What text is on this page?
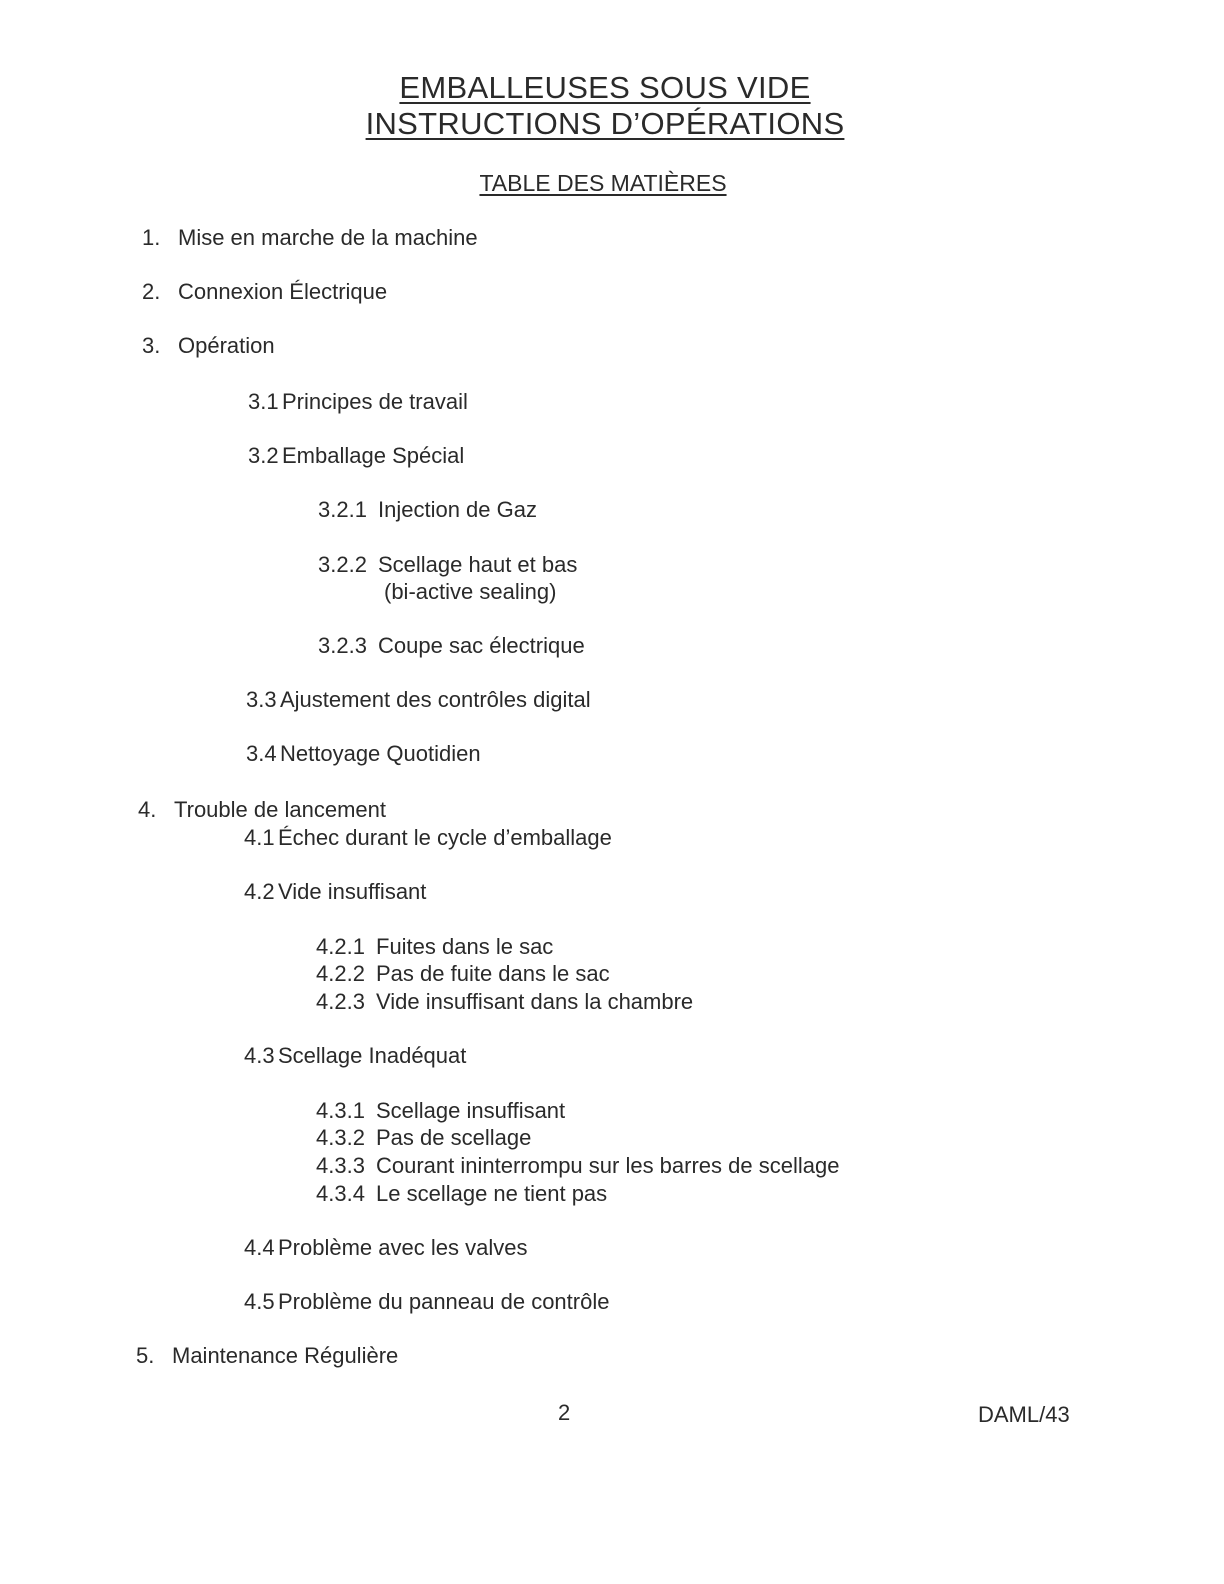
EMBALLEUSES SOUS VIDE
INSTRUCTIONS D’OPÉRATIONS
TABLE DES MATIÈRES
1. Mise en marche de la machine
2. Connexion Électrique
3. Opération
3.1 Principes de travail
3.2 Emballage Spécial
3.2.1 Injection de Gaz
3.2.2 Scellage haut et bas
(bi-active sealing)
3.2.3 Coupe sac électrique
3.3 Ajustement des contrôles digital
3.4 Nettoyage Quotidien
4. Trouble de lancement
4.1 Échec durant le cycle d’emballage
4.2 Vide insuffisant
4.2.1 Fuites dans le sac
4.2.2 Pas de fuite dans le sac
4.2.3 Vide insuffisant dans la chambre
4.3 Scellage Inadéquat
4.3.1 Scellage insuffisant
4.3.2 Pas de scellage
4.3.3 Courant ininterrompu sur les barres de scellage
4.3.4 Le scellage ne tient pas
4.4 Problème avec les valves
4.5 Problème du panneau de contrôle
5. Maintenance Régulière
2	DAML/43
